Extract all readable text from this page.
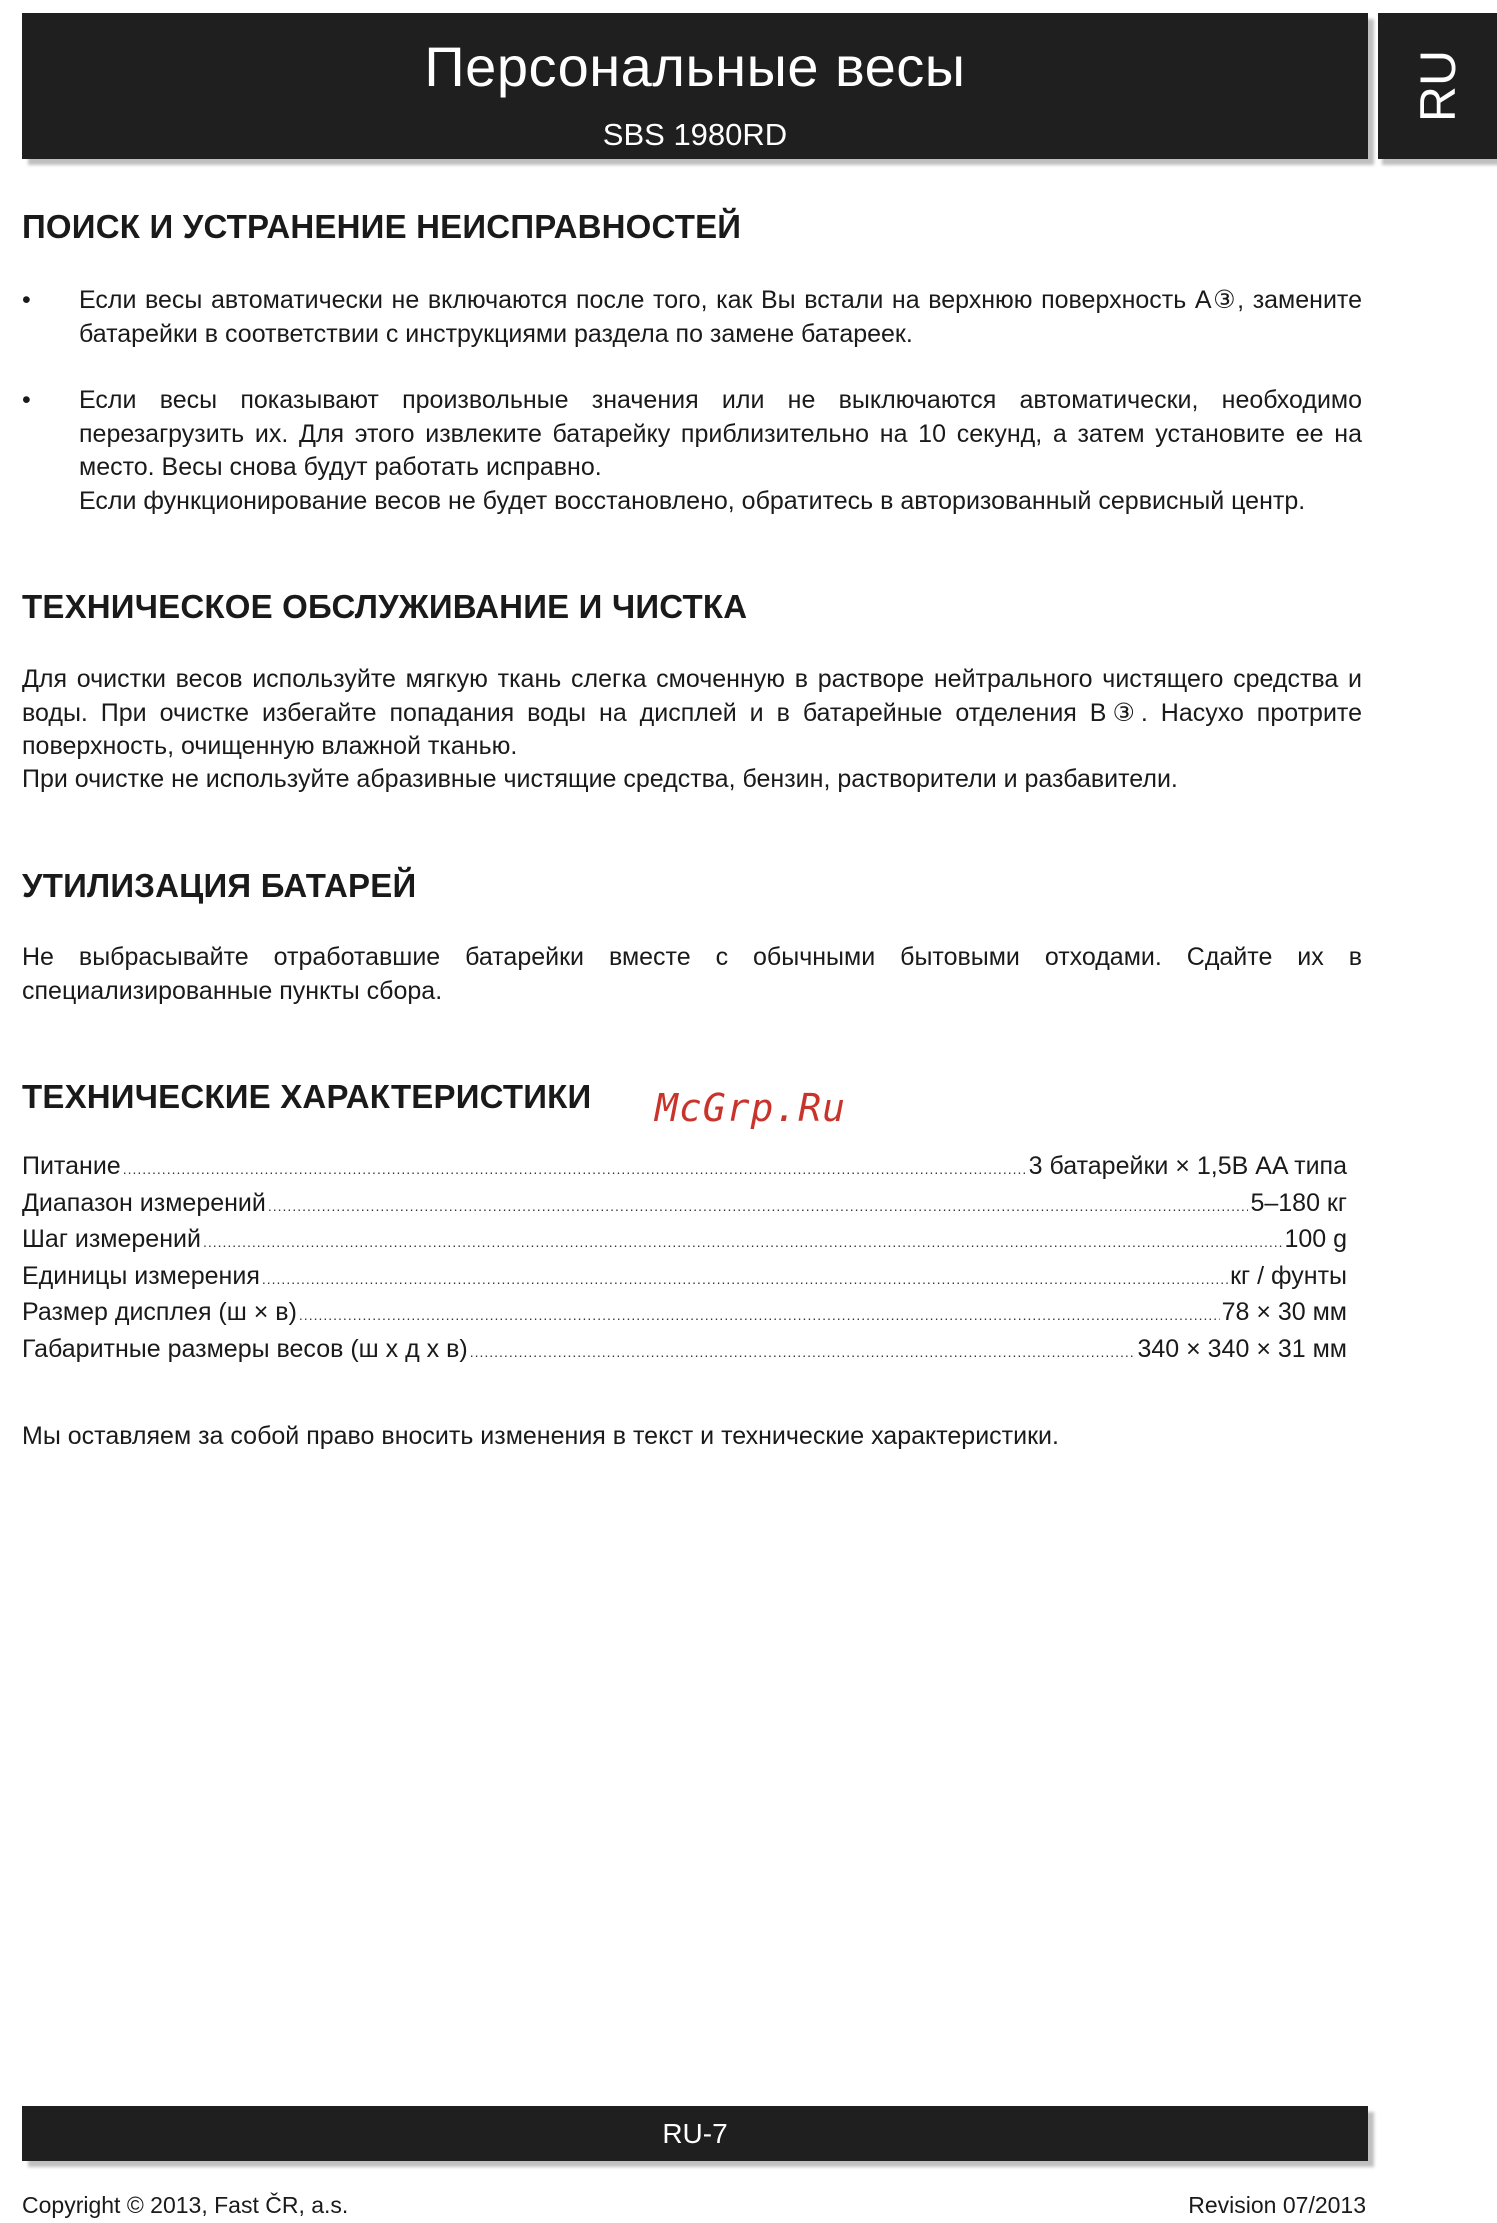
Персональные весы
SBS 1980RD
RU
ПОИСК И УСТРАНЕНИЕ НЕИСПРАВНОСТЕЙ
•	Если весы автоматически не включаются после того, как Вы встали на верхнюю поверхность A③, замените батарейки в соответствии с инструкциями раздела по замене батареек.
•	Если весы показывают произвольные значения или не выключаются автоматически, необходимо перезагрузить их. Для этого извлеките батарейку приблизительно на 10 секунд, а затем установите ее на место. Весы снова будут работать исправно.
Если функционирование весов не будет восстановлено, обратитесь в авторизованный сервисный центр.
ТЕХНИЧЕСКОЕ ОБСЛУЖИВАНИЕ И ЧИСТКА
Для очистки весов используйте мягкую ткань слегка смоченную в растворе нейтрального чистящего средства и воды. При очистке избегайте попадания воды на дисплей и в батарейные отделения B③. Насухо протрите поверхность, очищенную влажной тканью.
При очистке не используйте абразивные чистящие средства, бензин, растворители и разбавители.
УТИЛИЗАЦИЯ БАТАРЕЙ
Не выбрасывайте отработавшие батарейки вместе с обычными бытовыми отходами. Сдайте их в специализированные пункты сбора.
ТЕХНИЧЕСКИЕ ХАРАКТЕРИСТИКИ McGrp.Ru
Питание .....	3 батарейки × 1,5В AA типа
Диапазон измерений .....	5–180 кг
Шаг измерений .....	100 g
Единицы измерения .....	кг / фунты
Размер дисплея (ш × в) .....	78 × 30 мм
Габаритные размеры весов (ш x д x в) .....	340 × 340 × 31 мм
Мы оставляем за собой право вносить изменения в текст и технические характеристики.
RU-7
Copyright © 2013, Fast ČR, a.s.	Revision 07/2013
